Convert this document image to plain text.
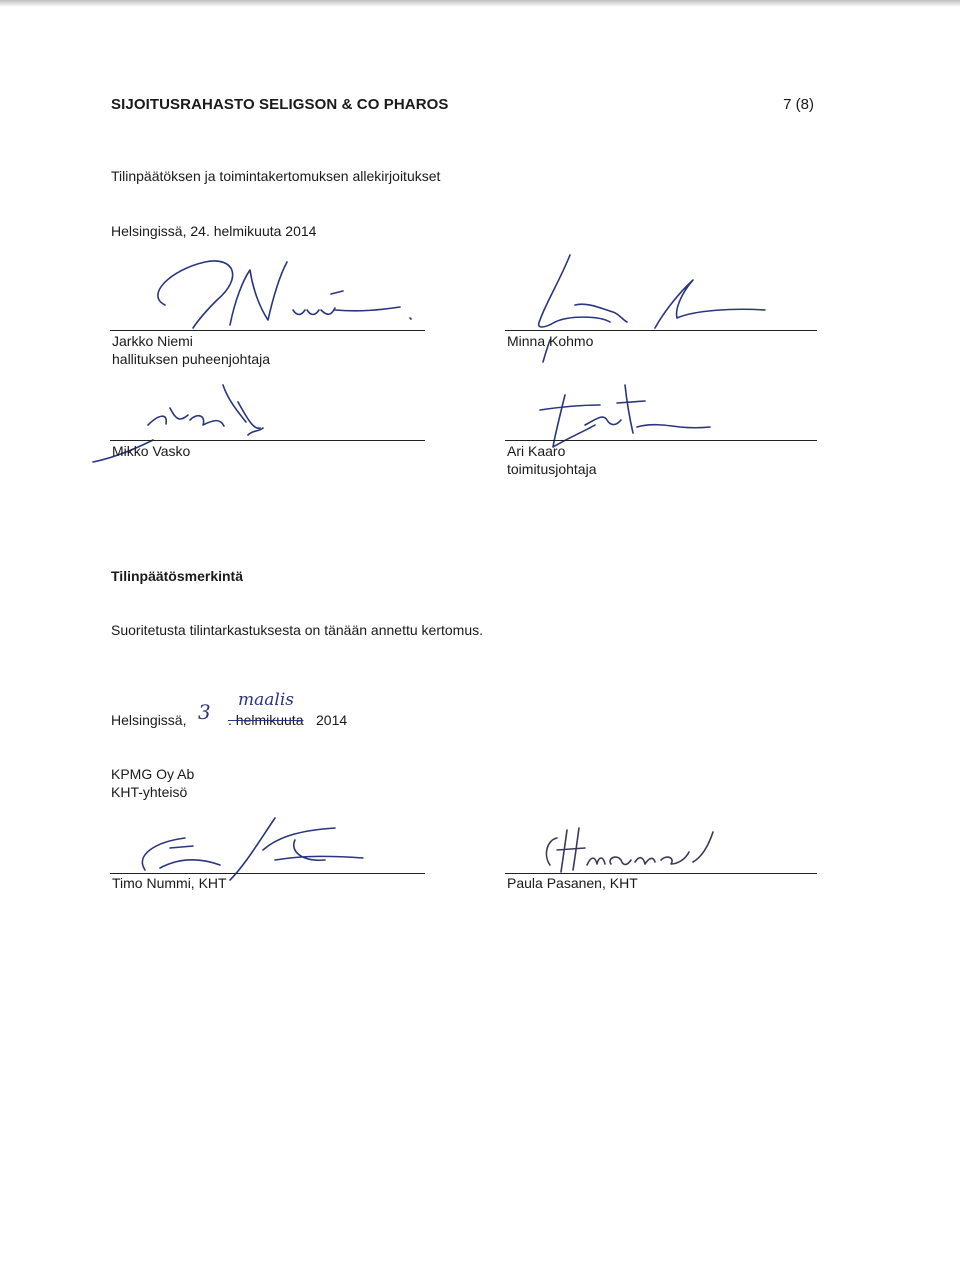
SIJOITUSRAHASTO SELIGSON & CO PHAROS	7 (8)
Tilinpäätöksen ja toimintakertomuksen allekirjoitukset
Helsingissä, 24. helmikuuta 2014
Jarkko Niemi
hallituksen puheenjohtaja
Minna Kohmo
Mikko Vasko	Ari Kaaro
toimitusjohtaja
Tilinpäätösmerkintä
Suoritetusta tilintarkastuksesta on tänään annettu kertomus.
Helsingissä, 3 maalis
. helmikuuta 2014
KPMG Oy Ab
KHT-yhteisö
Timo Nummi, KHT	Paula Pasanen, KHT
